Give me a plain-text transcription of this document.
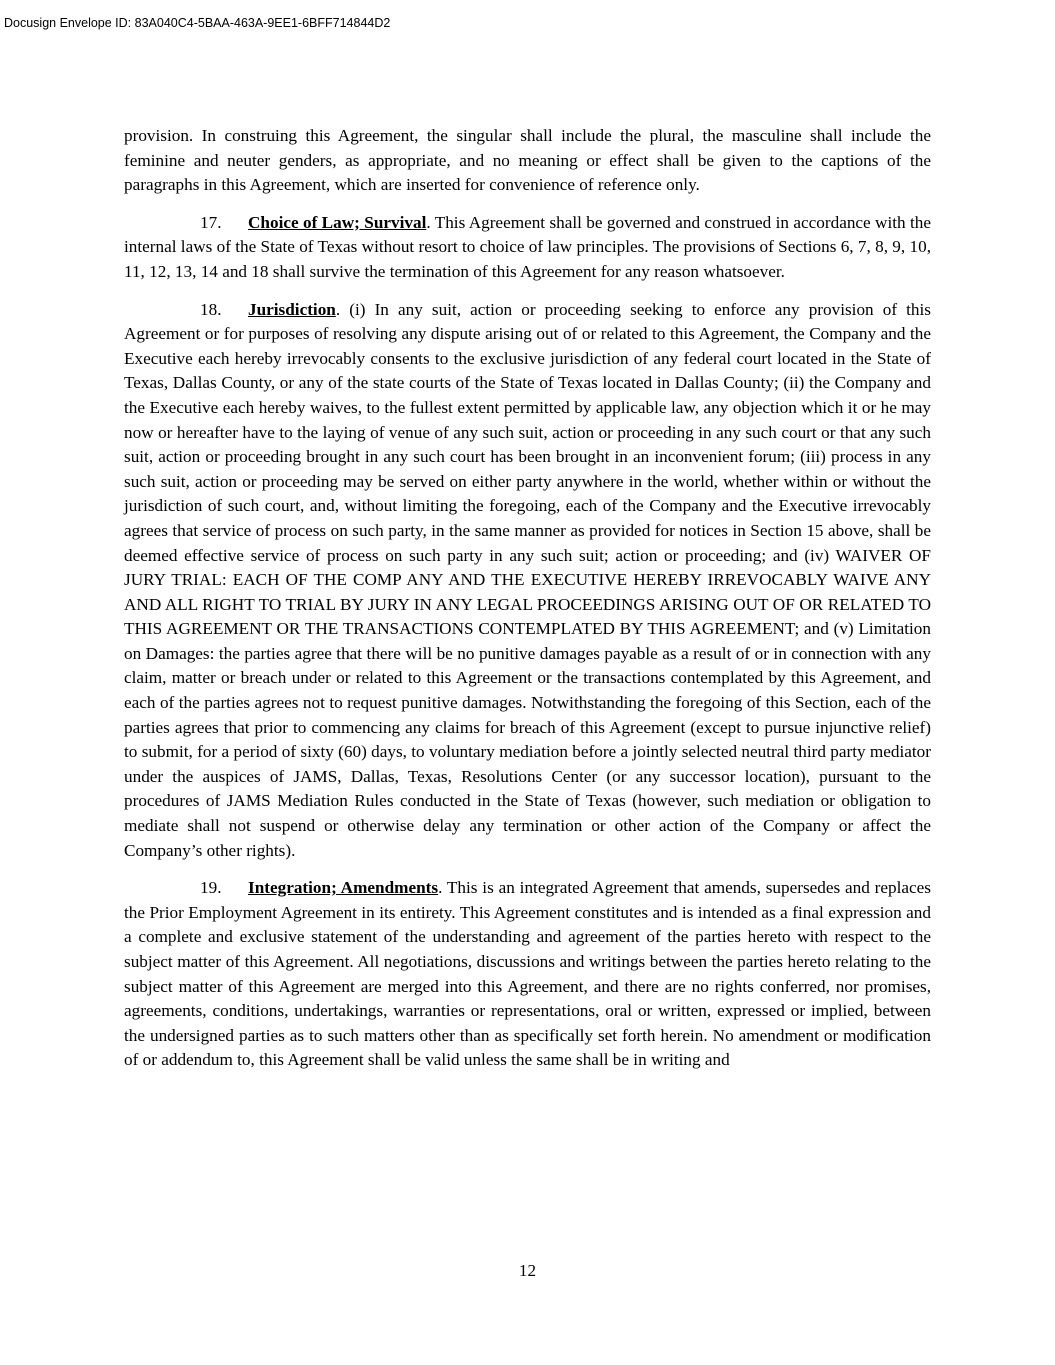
Docusign Envelope ID: 83A040C4-5BAA-463A-9EE1-6BFF714844D2

provision. In construing this Agreement, the singular shall include the plural, the masculine shall include the feminine and neuter genders, as appropriate, and no meaning or effect shall be given to the captions of the paragraphs in this Agreement, which are inserted for convenience of reference only.

17. Choice of Law; Survival. This Agreement shall be governed and construed in accordance with the internal laws of the State of Texas without resort to choice of law principles. The provisions of Sections 6, 7, 8, 9, 10, 11, 12, 13, 14 and 18 shall survive the termination of this Agreement for any reason whatsoever.

18. Jurisdiction. (i) In any suit, action or proceeding seeking to enforce any provision of this Agreement or for purposes of resolving any dispute arising out of or related to this Agreement, the Company and the Executive each hereby irrevocably consents to the exclusive jurisdiction of any federal court located in the State of Texas, Dallas County, or any of the state courts of the State of Texas located in Dallas County; (ii) the Company and the Executive each hereby waives, to the fullest extent permitted by applicable law, any objection which it or he may now or hereafter have to the laying of venue of any such suit, action or proceeding in any such court or that any such suit, action or proceeding brought in any such court has been brought in an inconvenient forum; (iii) process in any such suit, action or proceeding may be served on either party anywhere in the world, whether within or without the jurisdiction of such court, and, without limiting the foregoing, each of the Company and the Executive irrevocably agrees that service of process on such party, in the same manner as provided for notices in Section 15 above, shall be deemed effective service of process on such party in any such suit; action or proceeding; and (iv) WAIVER OF JURY TRIAL: EACH OF THE COMP ANY AND THE EXECUTIVE HEREBY IRREVOCABLY WAIVE ANY AND ALL RIGHT TO TRIAL BY JURY IN ANY LEGAL PROCEEDINGS ARISING OUT OF OR RELATED TO THIS AGREEMENT OR THE TRANSACTIONS CONTEMPLATED BY THIS AGREEMENT; and (v) Limitation on Damages: the parties agree that there will be no punitive damages payable as a result of or in connection with any claim, matter or breach under or related to this Agreement or the transactions contemplated by this Agreement, and each of the parties agrees not to request punitive damages. Notwithstanding the foregoing of this Section, each of the parties agrees that prior to commencing any claims for breach of this Agreement (except to pursue injunctive relief) to submit, for a period of sixty (60) days, to voluntary mediation before a jointly selected neutral third party mediator under the auspices of JAMS, Dallas, Texas, Resolutions Center (or any successor location), pursuant to the procedures of JAMS Mediation Rules conducted in the State of Texas (however, such mediation or obligation to mediate shall not suspend or otherwise delay any termination or other action of the Company or affect the Company’s other rights).

19. Integration; Amendments. This is an integrated Agreement that amends, supersedes and replaces the Prior Employment Agreement in its entirety. This Agreement constitutes and is intended as a final expression and a complete and exclusive statement of the understanding and agreement of the parties hereto with respect to the subject matter of this Agreement. All negotiations, discussions and writings between the parties hereto relating to the subject matter of this Agreement are merged into this Agreement, and there are no rights conferred, nor promises, agreements, conditions, undertakings, warranties or representations, oral or written, expressed or implied, between the undersigned parties as to such matters other than as specifically set forth herein. No amendment or modification of or addendum to, this Agreement shall be valid unless the same shall be in writing and

12
